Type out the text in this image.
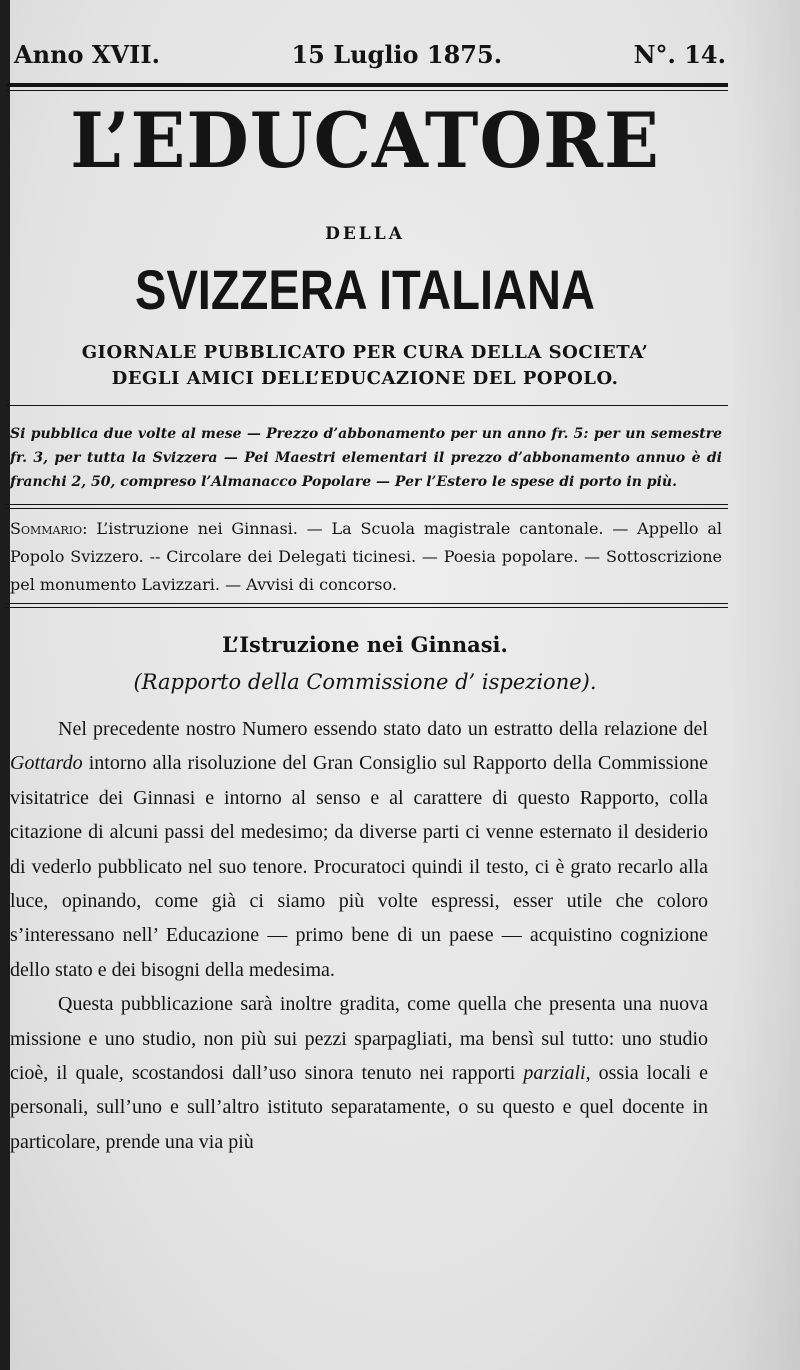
Anno XVII.	15 Luglio 1875.	N°. 14.
L’EDUCATORE
DELLA
SVIZZERA ITALIANA
GIORNALE PUBBLICATO PER CURA DELLA SOCIETA’
DEGLI AMICI DELL’EDUCAZIONE DEL POPOLO.
Si pubblica due volte al mese — Prezzo d’abbonamento per un anno fr. 5: per un semestre fr. 3, per tutta la Svizzera — Pei Maestri elementari il prezzo d’abbonamento annuo è di franchi 2, 50, compreso l’Almanacco Popolare — Per l’Estero le spese di porto in più.
Sommario: L’istruzione nei Ginnasi. — La Scuola magistrale cantonale. — Appello al Popolo Svizzero. -- Circolare dei Delegati ticinesi. — Poesia popolare. — Sottoscrizione pel monumento Lavizzari. — Avvisi di concorso.
L’Istruzione nei Ginnasi.
(Rapporto della Commissione d’ ispezione).

Nel precedente nostro Numero essendo stato dato un estratto della relazione del Gottardo intorno alla risoluzione del Gran Consiglio sul Rapporto della Commissione visitatrice dei Ginnasi e intorno al senso e al carattere di questo Rapporto, colla citazione di alcuni passi del medesimo; da diverse parti ci venne esternato il desiderio di vederlo pubblicato nel suo tenore. Procuratoci quindi il testo, ci è grato recarlo alla luce, opinando, come già ci siamo più volte espressi, esser utile che coloro s’interessano nell’ Educazione — primo bene di un paese — acquistino cognizione dello stato e dei bisogni della medesima.

Questa pubblicazione sarà inoltre gradita, come quella che presenta una nuova missione e uno studio, non più sui pezzi sparpagliati, ma bensì sul tutto: uno studio cioè, il quale, scostandosi dall’uso sinora tenuto nei rapporti parziali, ossia locali e personali, sull’uno e sull’altro istituto separatamente, o su questo e quel docente in particolare, prende una via più
